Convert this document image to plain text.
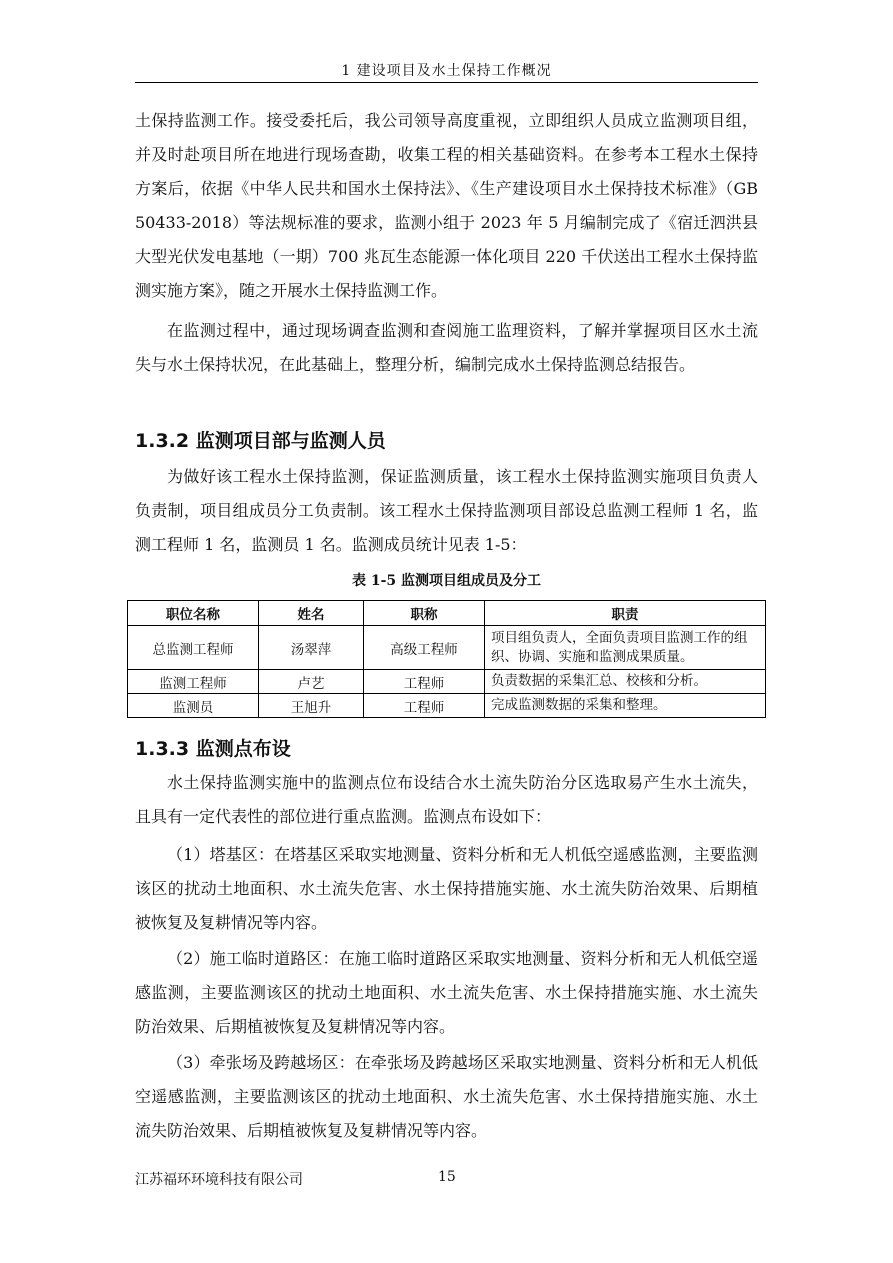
1 建设项目及水土保持工作概况

土保持监测工作。接受委托后，我公司领导高度重视，立即组织人员成立监测项目组，并及时赴项目所在地进行现场查勘，收集工程的相关基础资料。在参考本工程水土保持方案后，依据《中华人民共和国水土保持法》、《生产建设项目水土保持技术标准》（GB 50433-2018）等法规标准的要求，监测小组于 2023 年 5 月编制完成了《宿迁泗洪县大型光伏发电基地（一期）700 兆瓦生态能源一体化项目 220 千伏送出工程水土保持监测实施方案》，随之开展水土保持监测工作。

在监测过程中，通过现场调查监测和查阅施工监理资料，了解并掌握项目区水土流失与水土保持状况，在此基础上，整理分析，编制完成水土保持监测总结报告。

1.3.2 监测项目部与监测人员

为做好该工程水土保持监测，保证监测质量，该工程水土保持监测实施项目负责人负责制，项目组成员分工负责制。该工程水土保持监测项目部设总监测工程师 1 名，监测工程师 1 名，监测员 1 名。监测成员统计见表 1-5：

表 1-5 监测项目组成员及分工
职位名称	姓名	职称	职责
总监测工程师	汤翠萍	高级工程师	项目组负责人，全面负责项目监测工作的组织、协调、实施和监测成果质量。
监测工程师	卢艺	工程师	负责数据的采集汇总、校核和分析。
监测员	王旭升	工程师	完成监测数据的采集和整理。
1.3.3 监测点布设

水土保持监测实施中的监测点位布设结合水土流失防治分区选取易产生水土流失，且具有一定代表性的部位进行重点监测。监测点布设如下：

（1）塔基区：在塔基区采取实地测量、资料分析和无人机低空遥感监测，主要监测该区的扰动土地面积、水土流失危害、水土保持措施实施、水土流失防治效果、后期植被恢复及复耕情况等内容。

（2）施工临时道路区：在施工临时道路区采取实地测量、资料分析和无人机低空遥感监测，主要监测该区的扰动土地面积、水土流失危害、水土保持措施实施、水土流失防治效果、后期植被恢复及复耕情况等内容。

（3）牵张场及跨越场区：在牵张场及跨越场区采取实地测量、资料分析和无人机低空遥感监测，主要监测该区的扰动土地面积、水土流失危害、水土保持措施实施、水土流失防治效果、后期植被恢复及复耕情况等内容。

江苏福环环境科技有限公司	15
